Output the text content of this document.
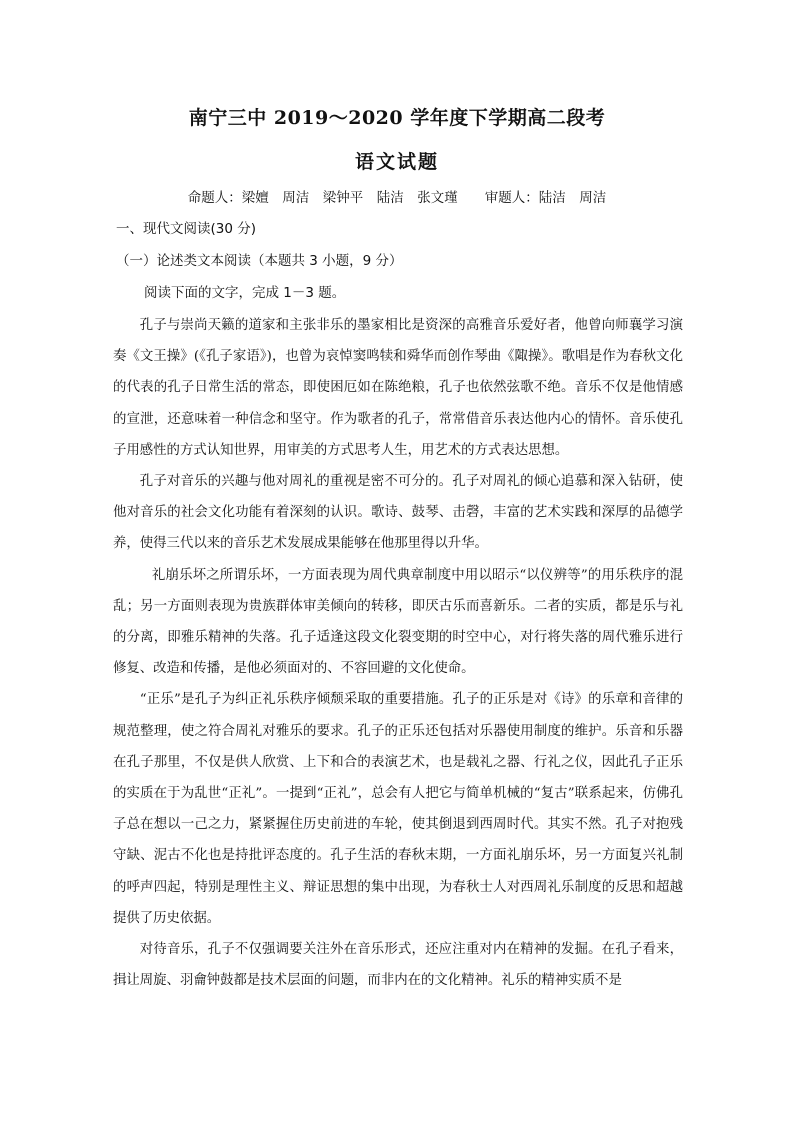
南宁三中 2019～2020 学年度下学期高二段考
语文试题
命题人：梁嬗　周洁　梁钟平　陆洁　张文瑾　　审题人：陆洁　周洁
一、现代文阅读(30 分)
（一）论述类文本阅读（本题共 3 小题，9 分）
阅读下面的文字，完成 1－3 题。

孔子与崇尚天籁的道家和主张非乐的墨家相比是资深的高雅音乐爱好者，他曾向师襄学习演奏《文王操》(《孔子家语》)，也曾为哀悼窦鸣犊和舜华而创作琴曲《陬操》。歌唱是作为春秋文化的代表的孔子日常生活的常态，即使困厄如在陈绝粮，孔子也依然弦歌不绝。音乐不仅是他情感的宣泄，还意味着一种信念和坚守。作为歌者的孔子，常常借音乐表达他内心的情怀。音乐使孔子用感性的方式认知世界，用审美的方式思考人生，用艺术的方式表达思想。

孔子对音乐的兴趣与他对周礼的重视是密不可分的。孔子对周礼的倾心追慕和深入钻研，使他对音乐的社会文化功能有着深刻的认识。歌诗、鼓琴、击磬，丰富的艺术实践和深厚的品德学养，使得三代以来的音乐艺术发展成果能够在他那里得以升华。

礼崩乐坏之所谓乐坏，一方面表现为周代典章制度中用以昭示“以仪辨等”的用乐秩序的混乱；另一方面则表现为贵族群体审美倾向的转移，即厌古乐而喜新乐。二者的实质，都是乐与礼的分离，即雅乐精神的失落。孔子适逢这段文化裂变期的时空中心，对行将失落的周代雅乐进行修复、改造和传播，是他必须面对的、不容回避的文化使命。

“正乐”是孔子为纠正礼乐秩序倾颓采取的重要措施。孔子的正乐是对《诗》的乐章和音律的规范整理，使之符合周礼对雅乐的要求。孔子的正乐还包括对乐器使用制度的维护。乐音和乐器在孔子那里，不仅是供人欣赏、上下和合的表演艺术，也是载礼之器、行礼之仪，因此孔子正乐的实质在于为乱世“正礼”。一提到“正礼”，总会有人把它与简单机械的“复古”联系起来，仿佛孔子总在想以一己之力，紧紧握住历史前进的车轮，使其倒退到西周时代。其实不然。孔子对抱残守缺、泥古不化也是持批评态度的。孔子生活的春秋末期，一方面礼崩乐坏，另一方面复兴礼制的呼声四起，特别是理性主义、辩证思想的集中出现，为春秋士人对西周礼乐制度的反思和超越提供了历史依据。

对待音乐，孔子不仅强调要关注外在音乐形式，还应注重对内在精神的发掘。在孔子看来，揖让周旋、羽龠钟鼓都是技术层面的问题，而非内在的文化精神。礼乐的精神实质不是
